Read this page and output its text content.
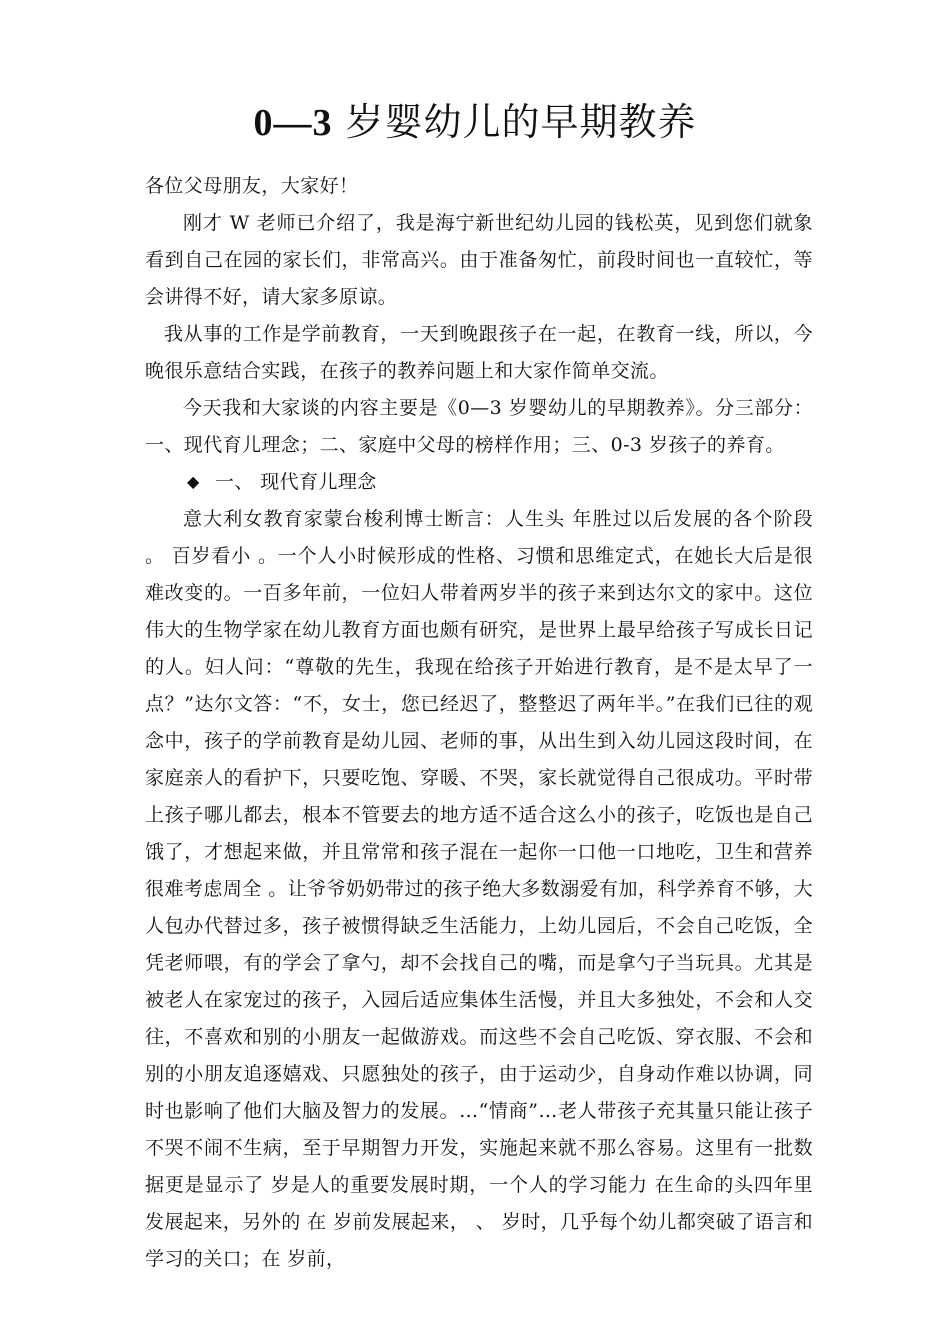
0—3 岁婴幼儿的早期教养

各位父母朋友，大家好！

刚才 W 老师已介绍了，我是海宁新世纪幼儿园的钱松英，见到您们就象看到自己在园的家长们，非常高兴。由于准备匆忙，前段时间也一直较忙，等会讲得不好，请大家多原谅。

我从事的工作是学前教育，一天到晚跟孩子在一起，在教育一线，所以，今晚很乐意结合实践，在孩子的教养问题上和大家作简单交流。

今天我和大家谈的内容主要是《0—3 岁婴幼儿的早期教养》。分三部分：一、现代育儿理念；二、家庭中父母的榜样作用；三、0-3 岁孩子的养育。

◆ 一、 现代育儿理念

意大利女教育家蒙台梭利博士断言：人生头 年胜过以后发展的各个阶段 。 百岁看小 。一个人小时候形成的性格、习惯和思维定式，在她长大后是很难改变的。一百多年前，一位妇人带着两岁半的孩子来到达尔文的家中。这位伟大的生物学家在幼儿教育方面也颇有研究，是世界上最早给孩子写成长日记的人。妇人问：“尊敬的先生，我现在给孩子开始进行教育，是不是太早了一点？”达尔文答：“不，女士，您已经迟了，整整迟了两年半。”在我们已往的观念中，孩子的学前教育是幼儿园、老师的事，从出生到入幼儿园这段时间，在家庭亲人的看护下，只要吃饱、穿暖、不哭，家长就觉得自己很成功。平时带上孩子哪儿都去，根本不管要去的地方适不适合这么小的孩子，吃饭也是自己饿了，才想起来做，并且常常和孩子混在一起你一口他一口地吃，卫生和营养很难考虑周全 。让爷爷奶奶带过的孩子绝大多数溺爱有加，科学养育不够，大人包办代替过多，孩子被惯得缺乏生活能力，上幼儿园后，不会自己吃饭，全凭老师喂，有的学会了拿勺，却不会找自己的嘴，而是拿勺子当玩具。尤其是被老人在家宠过的孩子，入园后适应集体生活慢，并且大多独处，不会和人交往，不喜欢和别的小朋友一起做游戏。而这些不会自己吃饭、穿衣服、不会和别的小朋友追逐嬉戏、只愿独处的孩子，由于运动少，自身动作难以协调，同时也影响了他们大脑及智力的发展。…“情商”…老人带孩子充其量只能让孩子不哭不闹不生病，至于早期智力开发，实施起来就不那么容易。这里有一批数据更是显示了 岁是人的重要发展时期，一个人的学习能力 在生命的头四年里发展起来，另外的 在 岁前发展起来， 、 岁时，几乎每个幼儿都突破了语言和学习的关口；在 岁前，
